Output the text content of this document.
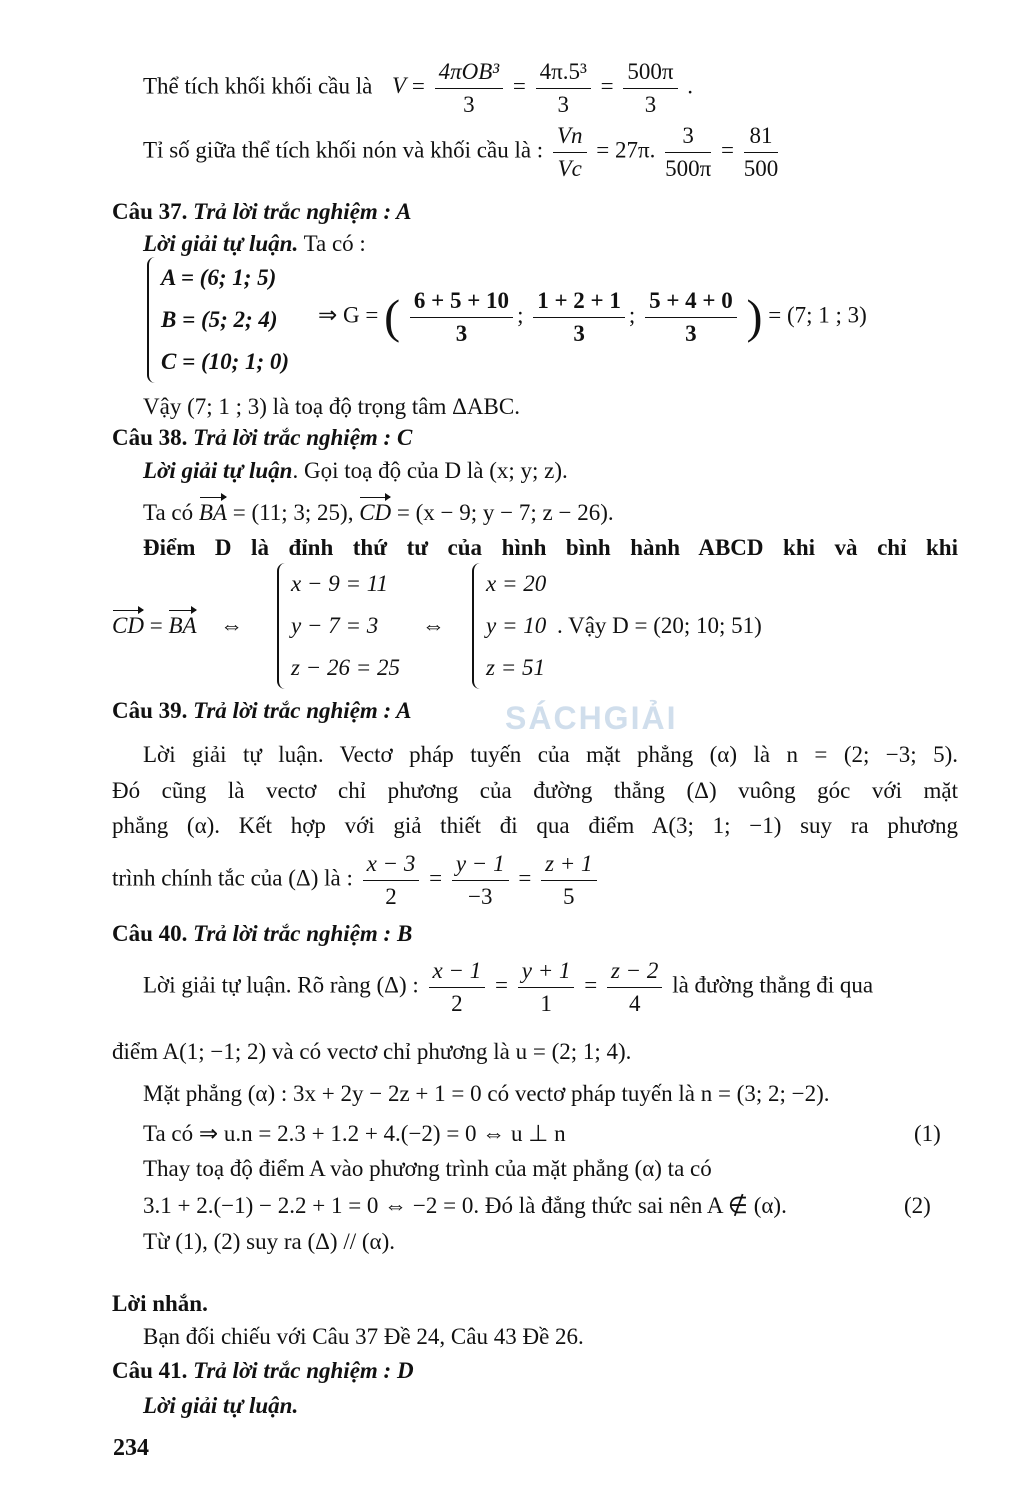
Thể tích khối khối cầu là $V = \frac{\text{4πOB³}}{3} = \frac{\text{4π.5³}}{3} = \frac{500\pi}{3}$ .
Tỉ số giữa thể tích khối nón và khối cầu là : $\frac{Vn}{Vc} = 27\pi$. $\frac{3}{500\pi} = \frac{81}{500}$
Câu 37. Trả lời trắc nghiệm : A
Lời giải tự luận. Ta có :
A = (6; 1; 5)
B = (5; 2; 4)
C = (10; 1; 0)
⇒ G = ( $\frac{6 + 5 + 10}{3}$ ; $\frac{1 + 2 + 1}{3}$ ; $\frac{5 + 4 + 0}{3}$ ) = (7; 1 ; 3)
Vậy (7; 1 ; 3) là toạ độ trọng tâm ΔABC.
Câu 38. Trả lời trắc nghiệm : C
Lời giải tự luận. Gọi toạ độ của D là (x; y; z).
Ta có BA = (11; 3; 25), CD = (x − 9; y − 7; z − 26).
Điểm D là đỉnh thứ tư của hình bình hành ABCD khi và chỉ khi
CD = BA ⇔
x − 9 = 11
y − 7 = 3
z − 26 = 25
⇔
x = 20
y = 10
z = 51
. Vậy D = (20; 10; 51)
Câu 39. Trả lời trắc nghiệm : A	SÁCHGIẢI
Lời giải tự luận. Vectơ pháp tuyến của mặt phẳng (α) là n = (2; −3; 5).
Đó cũng là vectơ chỉ phương của đường thẳng (Δ) vuông góc với mặt
phẳng (α). Kết hợp với giả thiết đi qua điểm A(3; 1; −1) suy ra phương
trình chính tắc của (Δ) là : $\frac{x - 3}{2} = \frac{y - 1}{-3} = \frac{z + 1}{5}$
Câu 40. Trả lời trắc nghiệm : B
Lời giải tự luận. Rõ ràng (Δ) : $\frac{x - 1}{2} = \frac{y + 1}{1} = \frac{z - 2}{4}$ là đường thẳng đi qua
điểm A(1; −1; 2) và có vectơ chỉ phương là u = (2; 1; 4).
Mặt phẳng (α) : 3x + 2y − 2z + 1 = 0 có vectơ pháp tuyến là n = (3; 2; −2).
Ta có ⇒ u.n = 2.3 + 1.2 + 4.(−2) = 0 ⇔ u ⊥ n	(1)
Thay toạ độ điểm A vào phương trình của mặt phẳng (α) ta có
3.1 + 2.(−1) − 2.2 + 1 = 0 ⇔ −2 = 0. Đó là đẳng thức sai nên A ∉ (α).	(2)
Từ (1), (2) suy ra (Δ) // (α).
Lời nhắn.
Bạn đối chiếu với Câu 37 Đề 24, Câu 43 Đề 26.
Câu 41. Trả lời trắc nghiệm : D
Lời giải tự luận.
234
